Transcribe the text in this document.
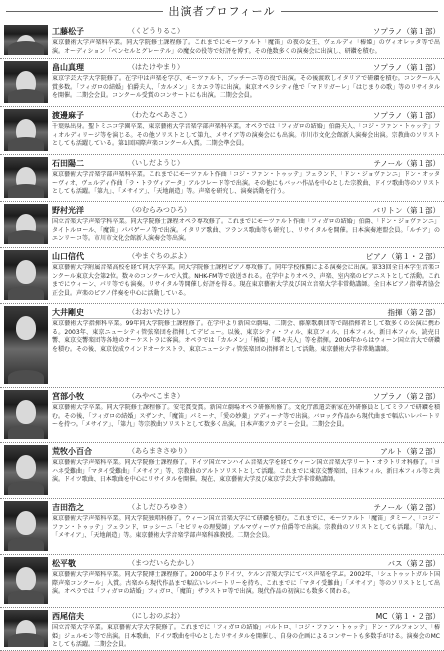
出演者プロフィール
工藤松子	（くどうりるこ）	ソプラノ（第１部）

東京藝術大学声楽科卒業。同大学院修士課程修了。これまでにモーツァルト「魔笛」の夜の女王、ヴェルディ「椿姫」のヴィオレッタ等で出演。オーディション「ベンセルとグレーテル」の魔女の役等で好評を博す。その他数多くの演奏会に出演し、研鑽を積む。

畠山真理	（はたけやまり）	ソプラノ（第１部）

東京学芸大学大学院修了。在学中は声楽を学び、モーツァルト、プッチーニ等の役で出演。その後渡欧しイタリアで研鑽を積む。コンクール入賞多数。「フィガロの結婚」伯爵夫人、「カルメン」ミカエラ等に出演。東京オペラシティ他で「マドリガーレ」「はじまりの歌」等のリサイタルを開催。二期会会員。コンクール受賞のコンサートにも出演。二期会会員。

渡邊麻子	（わたなべあさこ）	ソプラノ（第１部）

千葉県出身。聖トミニコ学園卒業、東京藝術大学音楽学部声楽科卒業。オペラでは「フィガロの結婚」伯爵夫人、「コジ・ファン・トゥッテ」フィオルディリージ等を演じる。その他ソリストとして第九、メサイア等の演奏会にも出演。市川市文化会館新人演奏会出演。宗教曲のソリストとしても活躍している。第1回国際声楽コンクール入賞。二期会準会員。

石田陽二	（いしだようじ）	テノール（第１部）

東京藝術大学音楽学部声楽科卒業。これまでにモーツァルト作曲「コジ・ファン・トゥッテ」フェランド、「ドン・ジョヴァンニ」ドン・オッターヴィオ、ヴェルディ作曲「ラ・トラヴィアータ」アルフレード等で出演。その他にもバッハ作品を中心とした宗教曲、ドイツ歌曲等のソリストとしても活躍。「第九」、「メサイア」、「天地創造」等。声楽を研究し、演奏活動を行う。

野村光洋	（のむらみつひろ）	バリトン（第１部）

国立音楽大学声楽学科卒業。同大学院修士課程オペラ専攻修了。これまでにモーツァルト作曲「フィガロの結婚」伯爵、「ドン・ジョヴァンニ」タイトルロール、「魔笛」パパゲーノ等で出演。イタリア歌曲、フランス歌曲等も研究し、リサイタルを開催。日本演奏連盟会員。「ルチア」のエンリーコ等。市川市文化会館新人演奏会等出演。

山口信代	（やまぐちのぶよ）	ピアノ（第１・２部）

東京藝術大学附属音楽高校を経て同大学卒業。同大学院修士課程ピアノ専攻修了。同年学校推薦による演奏会に出演。第33回全日本学生音楽コンクール東京大会第2位。数々のコンクールで入賞。NHK-FM等で放送される。在学中よりオペラ、声楽、室内楽のピアニストとして活動。これまでにウィーン、パリ等でも演奏。リサイタル等開催し好評を得る。現在東京藝術大学及び国立音楽大学非常勤講師。全日本ピアノ指導者協会正会員。声楽のピアノ伴奏を中心に活動している。

大井剛史	（おおいたけし）	指揮（第２部）

東京藝術大学指揮科卒業。99年同大学院修士課程修了。在学中より新国立劇場、二期会、藤原歌劇団等で副指揮者として数多くの公演に携わる。2003年、東京ニューシティ管弦楽団を指揮してデビュー。以後、東京シティ・フィル、東京フィル、日本フィル、新日本フィル、読売日響、東京交響楽団等各地のオーケストラに客演。オペラでは「カルメン」「椿姫」「蝶々夫人」等を指揮。2006年からはウィーン国立音大で研鑽を積む。その後、東京佼成ウインドオーケストラ、東京ニューシティ管弦楽団の指揮者として活動。東京藝術大学非常勤講師。

宮部小牧	（みやべこまき）	ソプラノ（第２部）

東京藝術大学卒業。同大学院修士課程修了。安宅賞受賞。新国立劇場オペラ研修所修了。文化庁派遣芸術家在外研修員としてミラノで研鑽を積む。その後、「フィガロの結婚」スザンナ、「魔笛」パミーナ、「愛の妙薬」アディーナ等で出演。バロック作品から現代曲まで幅広いレパートリーを持つ。「メサイア」、「第九」等宗教曲ソリストとして数多く出演。日本声楽アカデミー会員。二期会会員。

荒牧小百合	（あらまきさゆり）	アルト（第２部）

東京藝術大学声楽科卒業。同大学院修士課程修了。ドイツ国立マンハイム音楽大学を経てウィーン国立音楽大学リート・オラトリオ科修了。「ヨハネ受難曲」「マタイ受難曲」「メサイア」等、宗教曲のアルトソリストとして活躍。これまでに東京交響楽団、日本フィル、新日本フィル等と共演。ドイツ歌曲、日本歌曲を中心にリサイタルを開催。現在、東京藝術大学及び東京学芸大学非常勤講師。

吉田浩之	（よしだひろゆき）	テノール（第２部）

東京藝術大学声楽科卒業。同大学院独唱科修了。ウィーン国立音楽大学にて研鑽を積む。これまでに、モーツァルト「魔笛」タミーノ、「コジ・ファン・トゥッテ」フェランド、ロッシーニ「セビリャの理髪師」アルマヴィーヴァ伯爵等で出演。宗教曲のソリストとしても活躍。「第九」、「メサイア」、「天地創造」等。東京藝術大学音楽学部声楽科准教授。二期会会員。

松平敬	（まつだいらたかし）	バス（第２部）

東京藝術大学声楽科卒業。同大学院博士課程修了。2000年よりドイツ、ケルン音楽大学にてバス声楽を学ぶ。2002年、「シュトゥットガルト国際声楽コンクール」入賞。古楽から現代作品まで幅広いレパートリーを持ち、これまでに「マタイ受難曲」「メサイア」等のソリストとして出演。オペラでは「フィガロの結婚」フィガロ、「魔笛」ザラストロ等で出演。現代作品の初演にも数多く関わる。

西尾信夫	（にしおのぶお）	MC（第１・２部）

国立音楽大学卒業。東京藝術大学大学院修了。これまでに「フィガロの結婚」バルトロ、「コジ・ファン・トゥッテ」ドン・アルフォンソ、「椿姫」ジェルモン等で出演。日本歌曲、ドイツ歌曲を中心としたリサイタルを開催し、自身の企画によるコンサートも多数手がける。演奏会のMCとしても活躍。二期会会員。
